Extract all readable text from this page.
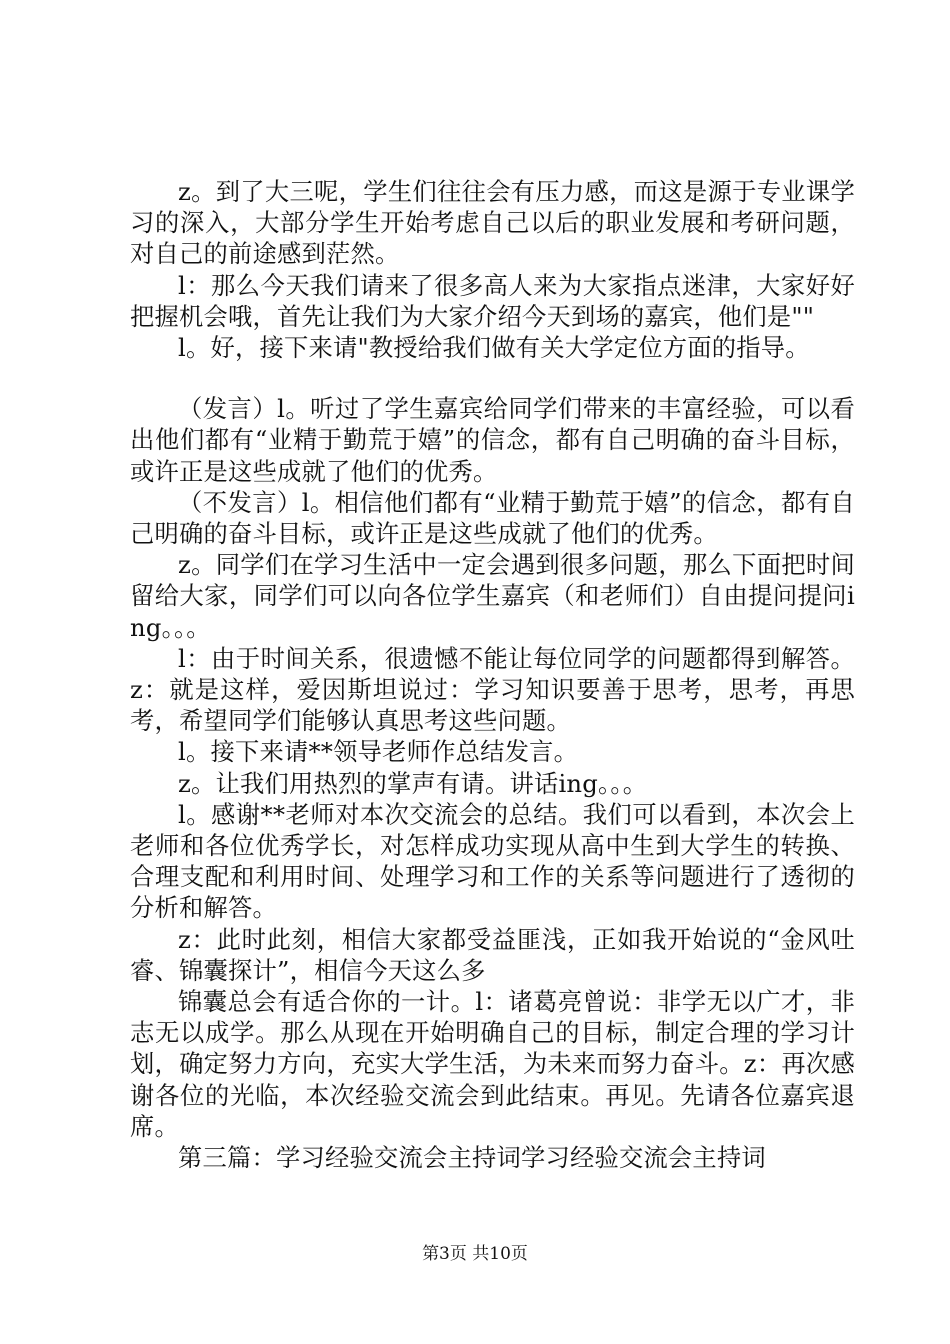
z。到了大三呢，学生们往往会有压力感，而这是源于专业课学习的深入，大部分学生开始考虑自己以后的职业发展和考研问题，对自己的前途感到茫然。

l：那么今天我们请来了很多高人来为大家指点迷津，大家好好把握机会哦，首先让我们为大家介绍今天到场的嘉宾，他们是""

l。好，接下来请"教授给我们做有关大学定位方面的指导。

（发言）l。听过了学生嘉宾给同学们带来的丰富经验，可以看出他们都有“业精于勤荒于嬉”的信念，都有自己明确的奋斗目标，或许正是这些成就了他们的优秀。

（不发言）l。相信他们都有“业精于勤荒于嬉”的信念，都有自己明确的奋斗目标，或许正是这些成就了他们的优秀。

z。同学们在学习生活中一定会遇到很多问题，那么下面把时间留给大家，同学们可以向各位学生嘉宾（和老师们）自由提问提问ing。。。

l：由于时间关系，很遗憾不能让每位同学的问题都得到解答。z：就是这样，爱因斯坦说过：学习知识要善于思考，思考，再思考，希望同学们能够认真思考这些问题。

l。接下来请**领导老师作总结发言。

z。让我们用热烈的掌声有请。讲话ing。。。

l。感谢**老师对本次交流会的总结。我们可以看到，本次会上老师和各位优秀学长，对怎样成功实现从高中生到大学生的转换、合理支配和利用时间、处理学习和工作的关系等问题进行了透彻的分析和解答。

z：此时此刻，相信大家都受益匪浅，正如我开始说的“金风吐睿、锦囊探计”，相信今天这么多

锦囊总会有适合你的一计。l：诸葛亮曾说：非学无以广才，非志无以成学。那么从现在开始明确自己的目标，制定合理的学习计划，确定努力方向，充实大学生活，为未来而努力奋斗。z：再次感谢各位的光临，本次经验交流会到此结束。再见。先请各位嘉宾退席。

第三篇：学习经验交流会主持词学习经验交流会主持词

第3页 共10页
